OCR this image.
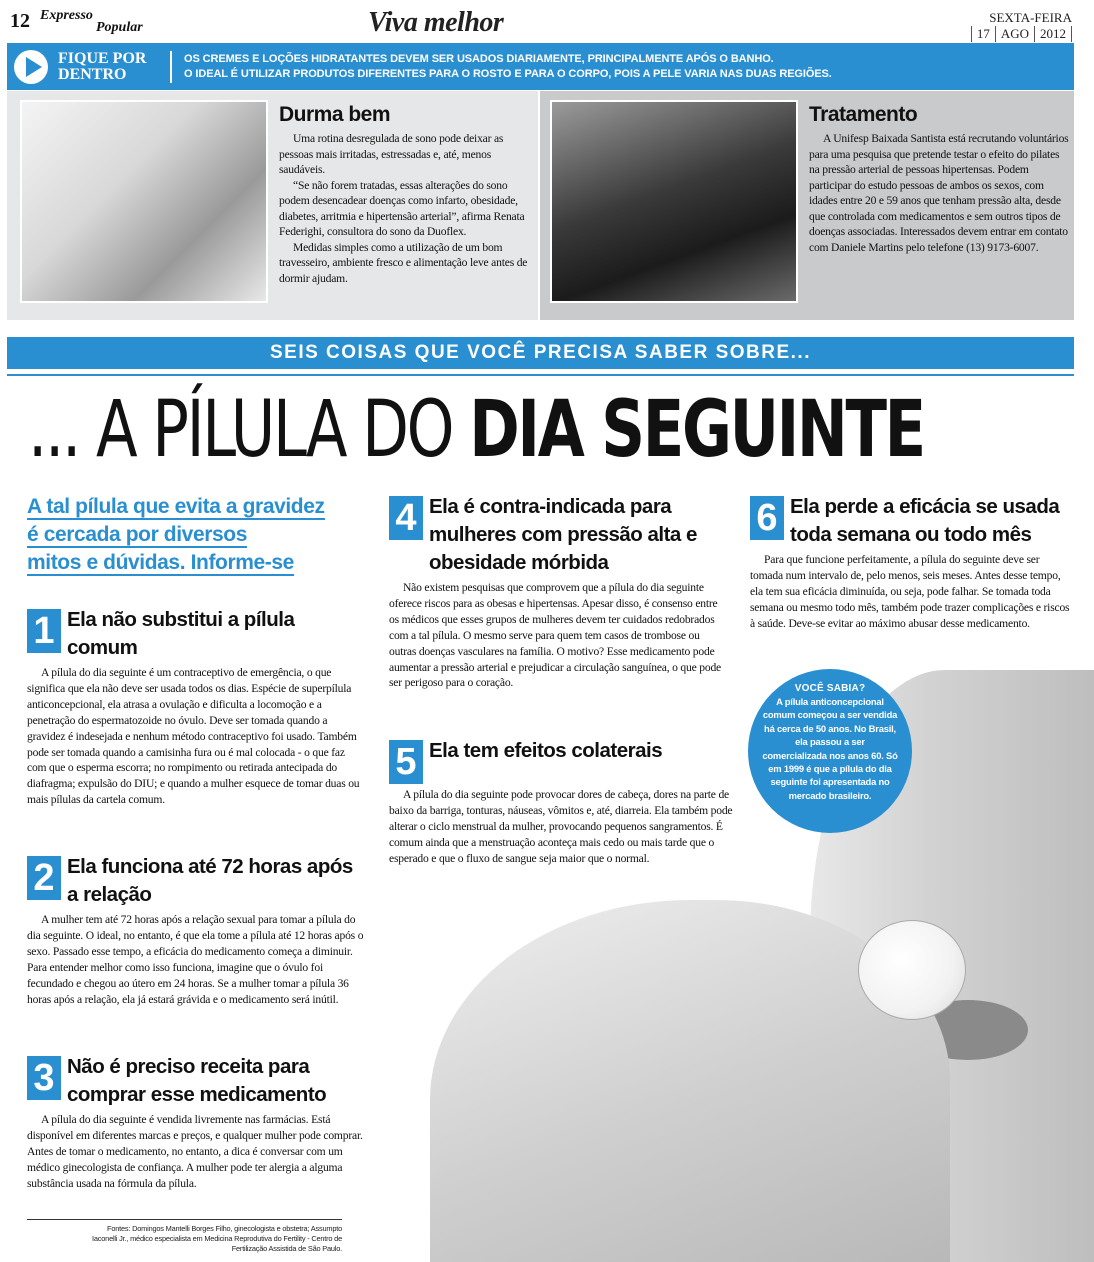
12 Expresso
Popular	Viva melhor	SEXTA-FEIRA
17 AGO 2012
FIQUE POR
DENTRO
OS CREMES E LOÇÕES HIDRATANTES DEVEM SER USADOS DIARIAMENTE, PRINCIPALMENTE APÓS O BANHO.
O IDEAL É UTILIZAR PRODUTOS DIFERENTES PARA O ROSTO E PARA O CORPO, POIS A PELE VARIA NAS DUAS REGIÕES.
Durma bem

Uma rotina desregulada de sono pode deixar as pessoas mais irritadas, estressadas e, até, menos saudáveis.

“Se não forem tratadas, essas alterações do sono podem desencadear doenças como infarto, obesidade, diabetes, arritmia e hipertensão arterial”, afirma Renata Federighi, consultora do sono da Duoflex.

Medidas simples como a utilização de um bom travesseiro, ambiente fresco e alimentação leve antes de dormir ajudam.

Tratamento

A Unifesp Baixada Santista está recrutando voluntários para uma pesquisa que pretende testar o efeito do pilates na pressão arterial de pessoas hipertensas. Podem participar do estudo pessoas de ambos os sexos, com idades entre 20 e 59 anos que tenham pressão alta, desde que controlada com medicamentos e sem outros tipos de doenças associadas. Interessados devem entrar em contato com Daniele Martins pelo telefone (13) 9173-6007.

SEIS COISAS QUE VOCÊ PRECISA SABER SOBRE...
... A PÍLULA DO DIA SEGUINTE
A tal pílula que evita a gravidez
é cercada por diversos
mitos e dúvidas. Informe-se
1 Ela não substitui a pílula comum

A pílula do dia seguinte é um contraceptivo de emergência, o que significa que ela não deve ser usada todos os dias. Espécie de superpílula anticoncepcional, ela atrasa a ovulação e dificulta a locomoção e a penetração do espermatozoide no óvulo. Deve ser tomada quando a gravidez é indesejada e nenhum método contraceptivo foi usado. Também pode ser tomada quando a camisinha fura ou é mal colocada - o que faz com que o esperma escorra; no rompimento ou retirada antecipada do diafragma; expulsão do DIU; e quando a mulher esquece de tomar duas ou mais pílulas da cartela comum.

2 Ela funciona até 72 horas após a relação

A mulher tem até 72 horas após a relação sexual para tomar a pílula do dia seguinte. O ideal, no entanto, é que ela tome a pílula até 12 horas após o sexo. Passado esse tempo, a eficácia do medicamento começa a diminuir. Para entender melhor como isso funciona, imagine que o óvulo foi fecundado e chegou ao útero em 24 horas. Se a mulher tomar a pílula 36 horas após a relação, ela já estará grávida e o medicamento será inútil.

3 Não é preciso receita para comprar esse medicamento

A pílula do dia seguinte é vendida livremente nas farmácias. Está disponível em diferentes marcas e preços, e qualquer mulher pode comprar. Antes de tomar o medicamento, no entanto, a dica é conversar com um médico ginecologista de confiança. A mulher pode ter alergia a alguma substância usada na fórmula da pílula.

4 Ela é contra-indicada para mulheres com pressão alta e obesidade mórbida

Não existem pesquisas que comprovem que a pílula do dia seguinte oferece riscos para as obesas e hipertensas. Apesar disso, é consenso entre os médicos que esses grupos de mulheres devem ter cuidados redobrados com a tal pílula. O mesmo serve para quem tem casos de trombose ou outras doenças vasculares na família. O motivo? Esse medicamento pode aumentar a pressão arterial e prejudicar a circulação sanguínea, o que pode ser perigoso para o coração.

5 Ela tem efeitos colaterais

A pílula do dia seguinte pode provocar dores de cabeça, dores na parte de baixo da barriga, tonturas, náuseas, vômitos e, até, diarreia. Ela também pode alterar o ciclo menstrual da mulher, provocando pequenos sangramentos. É comum ainda que a menstruação aconteça mais cedo ou mais tarde que o esperado e que o fluxo de sangue seja maior que o normal.

6 Ela perde a eficácia se usada toda semana ou todo mês

Para que funcione perfeitamente, a pílula do seguinte deve ser tomada num intervalo de, pelo menos, seis meses. Antes desse tempo, ela tem sua eficácia diminuída, ou seja, pode falhar. Se tomada toda semana ou mesmo todo mês, também pode trazer complicações e riscos à saúde. Deve-se evitar ao máximo abusar desse medicamento.

VOCÊ SABIA?
A pílula anticoncepcional comum começou a ser vendida há cerca de 50 anos. No Brasil, ela passou a ser comercializada nos anos 60. Só em 1999 é que a pílula do dia seguinte foi apresentada no mercado brasileiro.
Fontes: Domingos Mantelli Borges Filho, ginecologista e obstetra; Assumpto Iaconelli Jr., médico especialista em Medicina Reprodutiva do Fertility - Centro de Fertilização Assistida de São Paulo.
